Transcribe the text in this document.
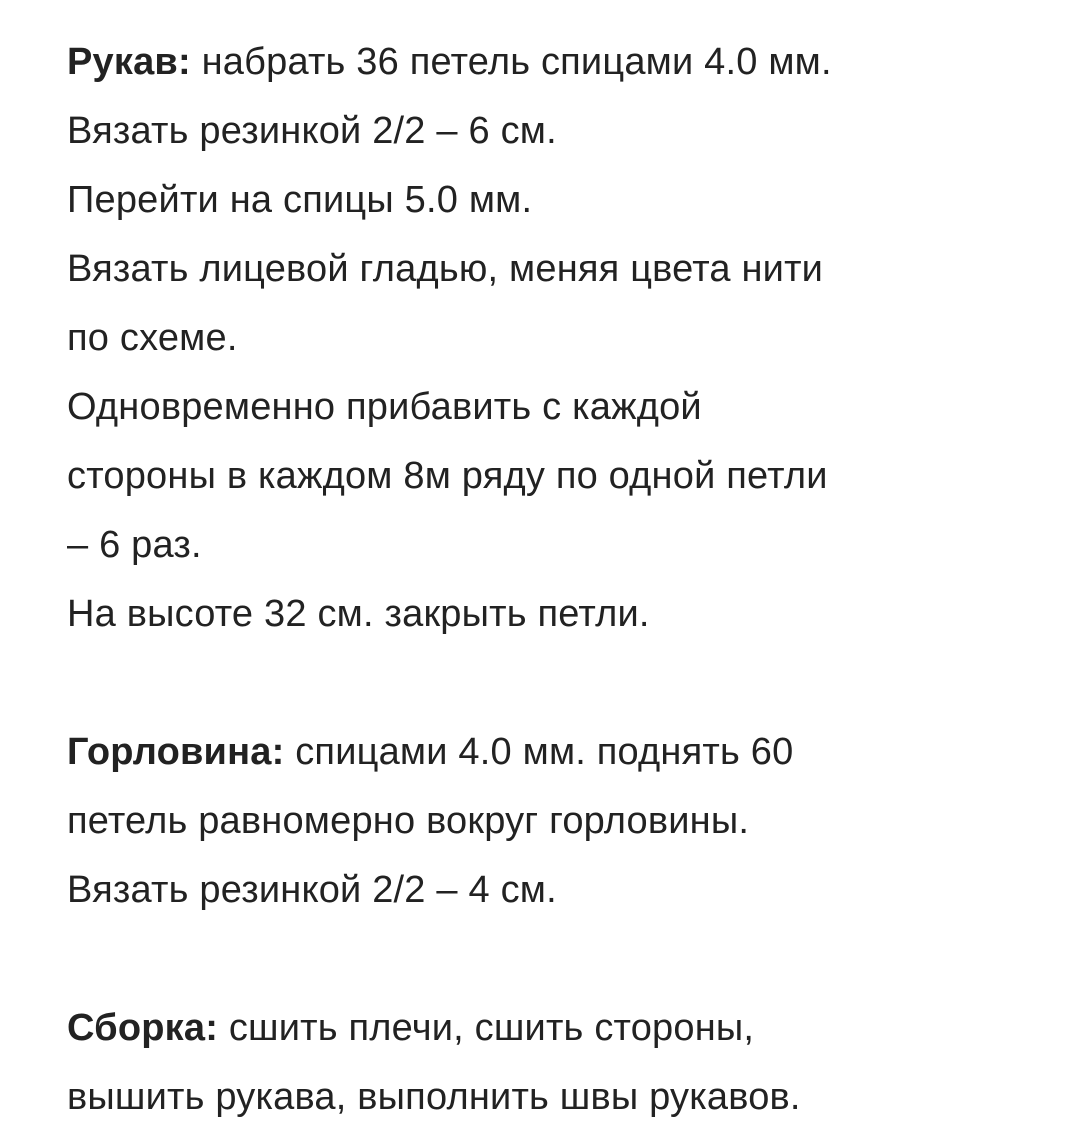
Рукав: набрать 36 петель спицами 4.0 мм.
Вязать резинкой 2/2 – 6 см.
Перейти на спицы 5.0 мм.
Вязать лицевой гладью, меняя цвета нити
по схеме.
Одновременно прибавить с каждой
стороны в каждом 8м ряду по одной петли
– 6 раз.
На высоте 32 см. закрыть петли.
Горловина: спицами 4.0 мм. поднять 60
петель равномерно вокруг горловины.
Вязать резинкой 2/2 – 4 см.
Сборка: сшить плечи, сшить стороны,
вышить рукава, выполнить швы рукавов.
